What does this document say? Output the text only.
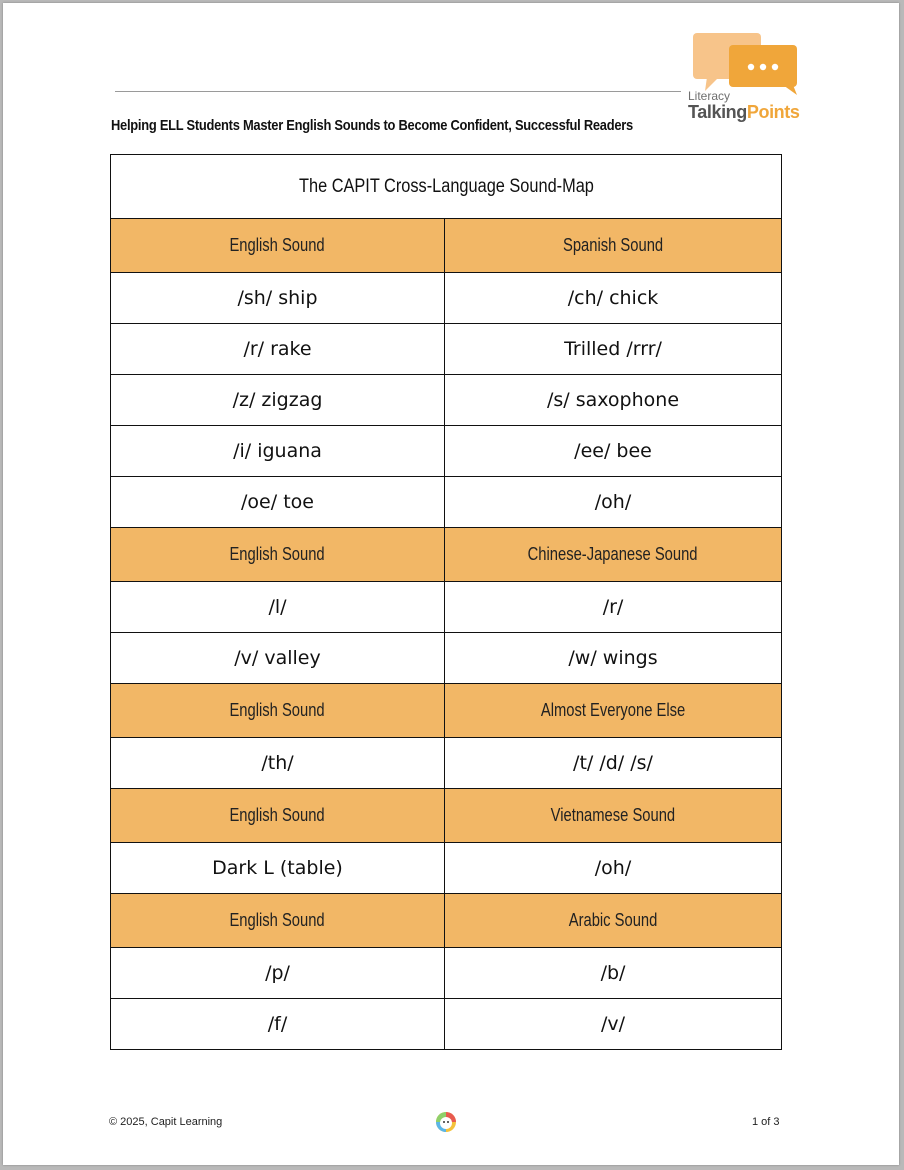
Literacy
TalkingPoints

Helping ELL Students Master English Sounds to Become Confident, Successful Readers

The CAPIT Cross-Language Sound-Map	
English Sound	Spanish Sound
/sh/ ship	/ch/ chick
/r/ rake	Trilled /rrr/
/z/ zigzag	/s/ saxophone
/i/ iguana	/ee/ bee
/oe/ toe	/oh/
English Sound	Chinese-Japanese Sound
/l/	/r/
/v/ valley	/w/ wings
English Sound	Almost Everyone Else
/th/	/t/ /d/ /s/
English Sound	Vietnamese Sound
Dark L (table)	/oh/
English Sound	Arabic Sound
/p/	/b/
/f/	/v/
© 2025, Capit Learning	1 of 3
